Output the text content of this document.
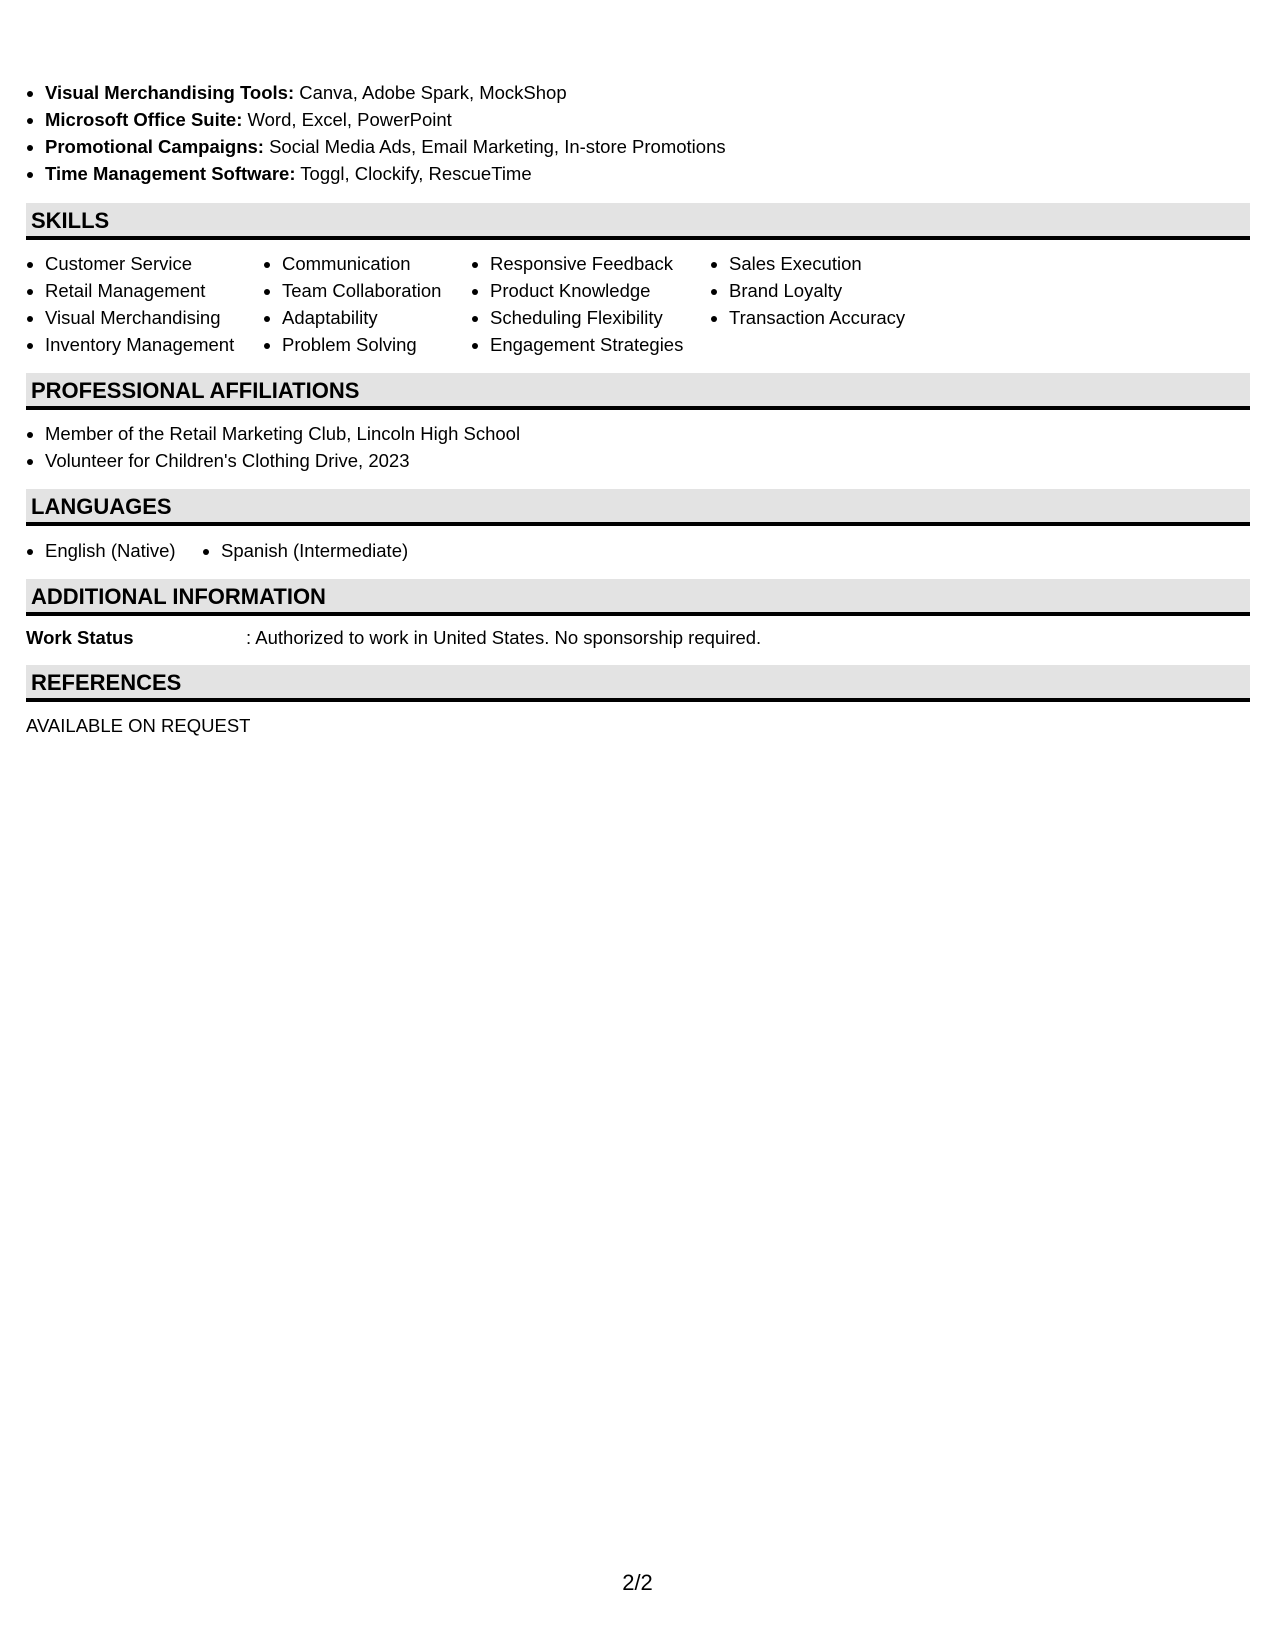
Visual Merchandising Tools: Canva, Adobe Spark, MockShop
Microsoft Office Suite: Word, Excel, PowerPoint
Promotional Campaigns: Social Media Ads, Email Marketing, In-store Promotions
Time Management Software: Toggl, Clockify, RescueTime
SKILLS
Customer Service
Retail Management
Visual Merchandising
Inventory Management
Communication
Team Collaboration
Adaptability
Problem Solving
Responsive Feedback
Product Knowledge
Scheduling Flexibility
Engagement Strategies
Sales Execution
Brand Loyalty
Transaction Accuracy
PROFESSIONAL AFFILIATIONS
Member of the Retail Marketing Club, Lincoln High School
Volunteer for Children's Clothing Drive, 2023
LANGUAGES
English (Native)	Spanish (Intermediate)
ADDITIONAL INFORMATION
Work Status	: Authorized to work in United States. No sponsorship required.
REFERENCES
AVAILABLE ON REQUEST
2/2
